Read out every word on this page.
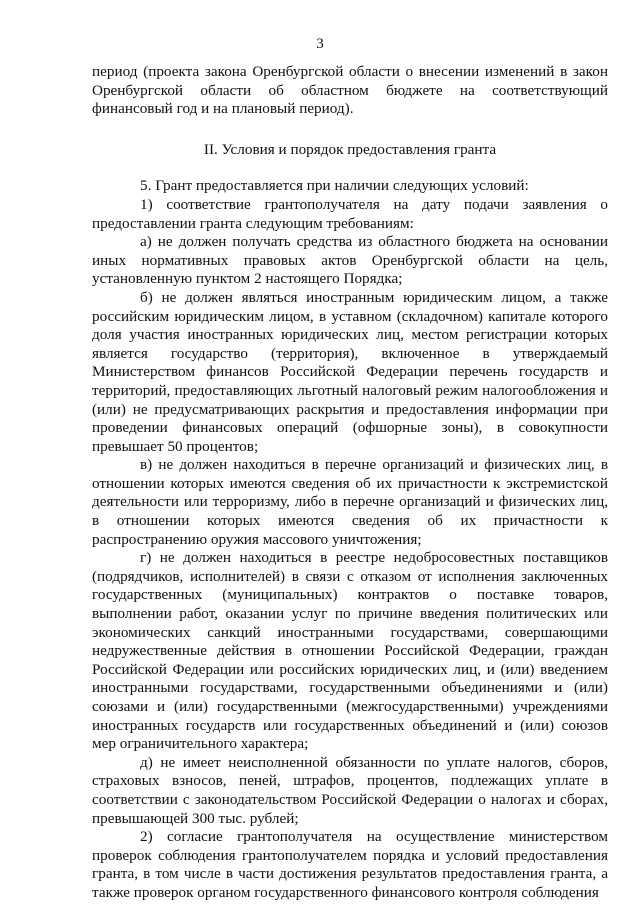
3

период (проекта закона Оренбургской области о внесении изменений в закон Оренбургской области об областном бюджете на соответствующий финансовый год и на плановый период).

II. Условия и порядок предоставления гранта

5. Грант предоставляется при наличии следующих условий:

1) соответствие грантополучателя на дату подачи заявления о предоставлении гранта следующим требованиям:

а) не должен получать средства из областного бюджета на основании иных нормативных правовых актов Оренбургской области на цель, установленную пунктом 2 настоящего Порядка;

б) не должен являться иностранным юридическим лицом, а также российским юридическим лицом, в уставном (складочном) капитале которого доля участия иностранных юридических лиц, местом регистрации которых является государство (территория), включенное в утверждаемый Министерством финансов Российской Федерации перечень государств и территорий, предоставляющих льготный налоговый режим налогообложения и (или) не предусматривающих раскрытия и предоставления информации при проведении финансовых операций (офшорные зоны), в совокупности превышает 50 процентов;

в) не должен находиться в перечне организаций и физических лиц, в отношении которых имеются сведения об их причастности к экстремистской деятельности или терроризму, либо в перечне организаций и физических лиц, в отношении которых имеются сведения об их причастности к распространению оружия массового уничтожения;

г) не должен находиться в реестре недобросовестных поставщиков (подрядчиков, исполнителей) в связи с отказом от исполнения заключенных государственных (муниципальных) контрактов о поставке товаров, выполнении работ, оказании услуг по причине введения политических или экономических санкций иностранными государствами, совершающими недружественные действия в отношении Российской Федерации, граждан Российской Федерации или российских юридических лиц, и (или) введением иностранными государствами, государственными объединениями и (или) союзами и (или) государственными (межгосударственными) учреждениями иностранных государств или государственных объединений и (или) союзов мер ограничительного характера;

д) не имеет неисполненной обязанности по уплате налогов, сборов, страховых взносов, пеней, штрафов, процентов, подлежащих уплате в соответствии с законодательством Российской Федерации о налогах и сборах, превышающей 300 тыс. рублей;

2) согласие грантополучателя на осуществление министерством проверок соблюдения грантополучателем порядка и условий предоставления гранта, в том числе в части достижения результатов предоставления гранта, а также проверок органом государственного финансового контроля соблюдения
